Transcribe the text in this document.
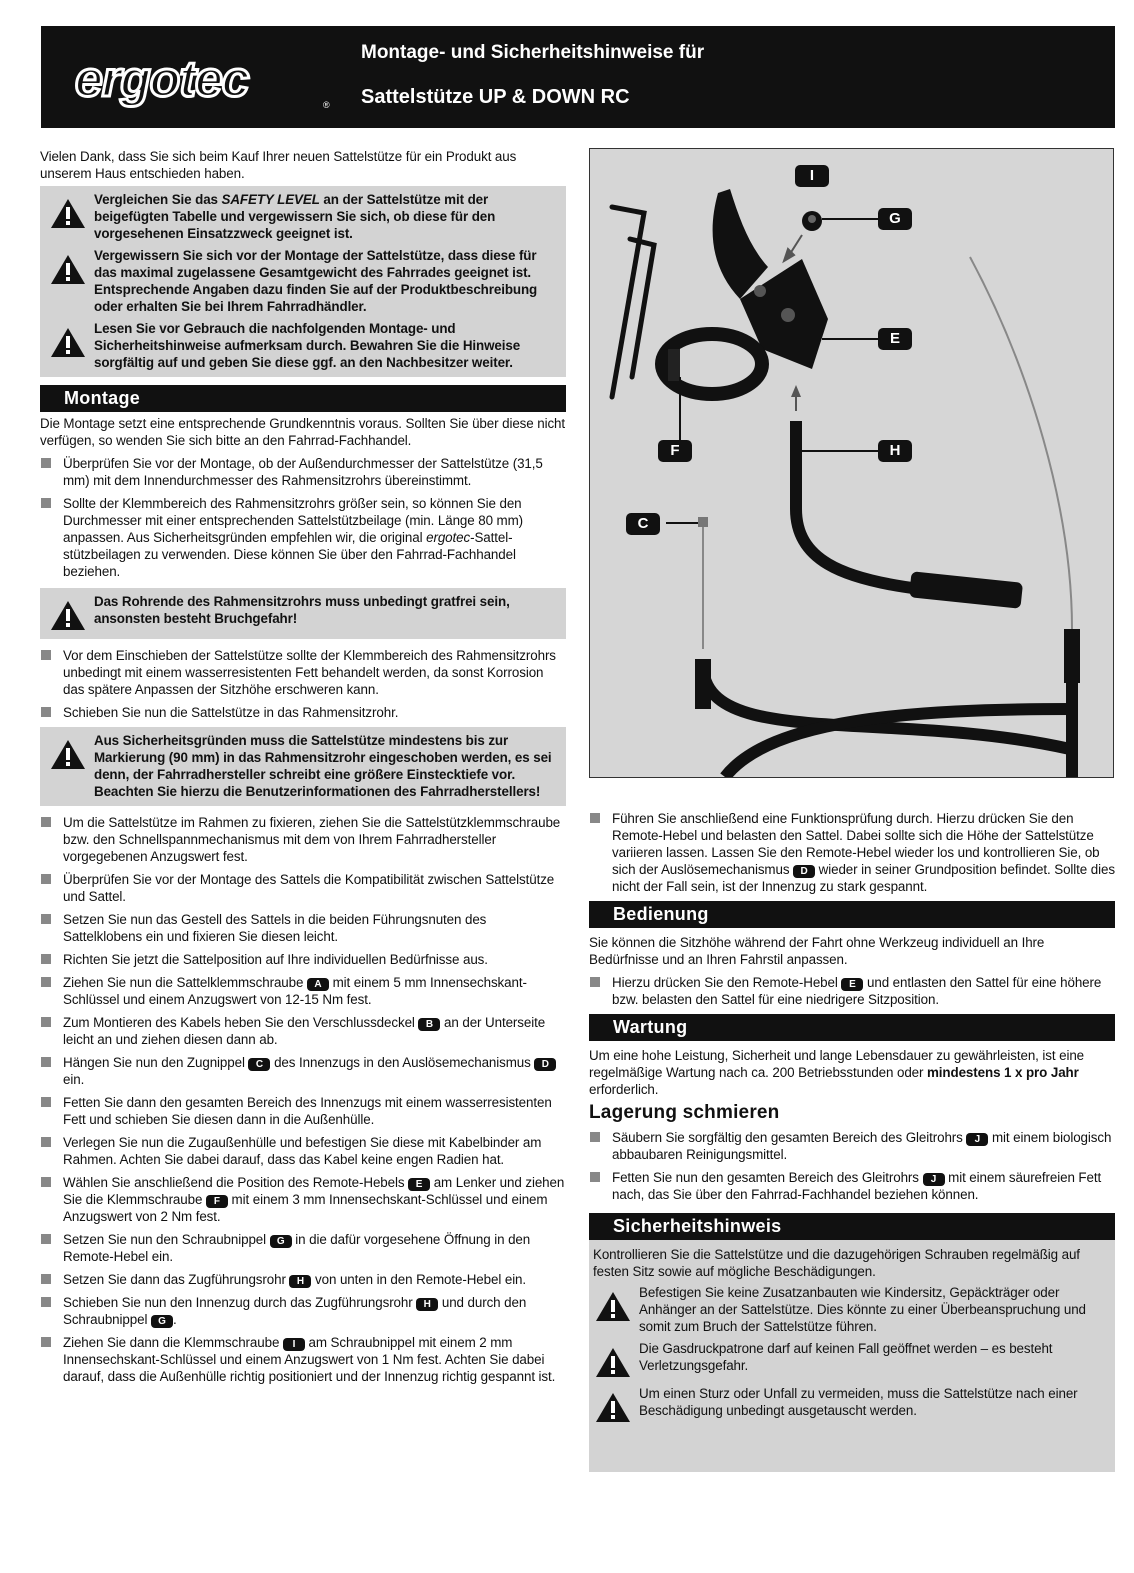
ergotec	®
Montage- und Sicherheitshinweise für
Sattelstütze UP & DOWN RC

Vielen Dank, dass Sie sich beim Kauf Ihrer neuen Sattelstütze für ein Produkt aus unserem Haus entschieden haben.

Vergleichen Sie das SAFETY LEVEL an der Sattelstütze mit der beigefügten Tabelle und vergewissern Sie sich, ob diese für den vorgesehenen Einsatzzweck geeignet ist.
Vergewissern Sie sich vor der Montage der Sattelstütze, dass diese für das maximal zugelassene Gesamtgewicht des Fahrrades geeignet ist. Entsprechende Angaben dazu finden Sie auf der Produktbeschreibung oder erhalten Sie bei Ihrem Fahrradhändler.
Lesen Sie vor Gebrauch die nachfolgenden Montage- und Sicherheitshinweise aufmerksam durch. Bewahren Sie die Hinweise sorgfältig auf und geben Sie diese ggf. an den Nachbesitzer weiter.
Montage

Die Montage setzt eine entsprechende Grundkenntnis voraus. Sollten Sie über diese nicht verfügen, so wenden Sie sich bitte an den Fahrrad-Fachhandel.

Überprüfen Sie vor der Montage, ob der Außendurchmesser der Sattelstütze (31,5 mm) mit dem Innendurchmesser des Rahmensitzrohrs übereinstimmt.
Sollte der Klemmbereich des Rahmensitzrohrs größer sein, so können Sie den Durchmesser mit einer entsprechenden Sattelstützbeilage (min. Länge 80 mm) anpassen. Aus Sicherheitsgründen empfehlen wir, die original ergotec-Sattelstützbeilagen zu verwenden. Diese können Sie über den Fahrrad-Fachhandel beziehen.
Das Rohrende des Rahmensitzrohrs muss unbedingt gratfrei sein, ansonsten besteht Bruchgefahr!
Vor dem Einschieben der Sattelstütze sollte der Klemmbereich des Rahmensitzrohrs unbedingt mit einem wasserresistenten Fett behandelt werden, da sonst Korrosion das spätere Anpassen der Sitzhöhe erschweren kann.
Schieben Sie nun die Sattelstütze in das Rahmensitzrohr.
Aus Sicherheitsgründen muss die Sattelstütze mindestens bis zur Markierung (90 mm) in das Rahmensitzrohr eingeschoben werden, es sei denn, der Fahrradhersteller schreibt eine größere Einstecktiefe vor. Beachten Sie hierzu die Benutzerinformationen des Fahrradherstellers!
Um die Sattelstütze im Rahmen zu fixieren, ziehen Sie die Sattelstützklemmschraube bzw. den Schnellspannmechanismus mit dem von Ihrem Fahrradhersteller vorgegebenen Anzugswert fest.
Überprüfen Sie vor der Montage des Sattels die Kompatibilität zwischen Sattelstütze und Sattel.
Setzen Sie nun das Gestell des Sattels in die beiden Führungsnuten des Sattelklobens ein und fixieren Sie diesen leicht.
Richten Sie jetzt die Sattelposition auf Ihre individuellen Bedürfnisse aus.
Ziehen Sie nun die Sattelklemmschraube A mit einem 5 mm Innensechskant-Schlüssel und einem Anzugswert von 12-15 Nm fest.
Zum Montieren des Kabels heben Sie den Verschlussdeckel B an der Unterseite leicht an und ziehen diesen dann ab.
Hängen Sie nun den Zugnippel C des Innenzugs in den Auslösemechanismus D ein.
Fetten Sie dann den gesamten Bereich des Innenzugs mit einem wasserresistenten Fett und schieben Sie diesen dann in die Außenhülle.
Verlegen Sie nun die Zugaußenhülle und befestigen Sie diese mit Kabelbinder am Rahmen. Achten Sie dabei darauf, dass das Kabel keine engen Radien hat.
Wählen Sie anschließend die Position des Remote-Hebels E am Lenker und ziehen Sie die Klemmschraube F mit einem 3 mm Innensechskant-Schlüssel und einem Anzugswert von 2 Nm fest.
Setzen Sie nun den Schraubnippel G in die dafür vorgesehene Öffnung in den Remote-Hebel ein.
Setzen Sie dann das Zugführungsrohr H von unten in den Remote-Hebel ein.
Schieben Sie nun den Innenzug durch das Zugführungsrohr H und durch den Schraubnippel G .
Ziehen Sie dann die Klemmschraube I am Schraubnippel mit einem 2 mm Innensechskant-Schlüssel und einem Anzugswert von 1 Nm fest. Achten Sie dabei darauf, dass die Außenhülle richtig positioniert und der Innenzug richtig gespannt ist.
I
G
E
F	H
C
Führen Sie anschließend eine Funktionsprüfung durch. Hierzu drücken Sie den Remote-Hebel und belasten den Sattel. Dabei sollte sich die Höhe der Sattelstütze variieren lassen. Lassen Sie den Remote-Hebel wieder los und kontrollieren Sie, ob sich der Auslösemechanismus D wieder in seiner Grundposition befindet. Sollte dies nicht der Fall sein, ist der Innenzug zu stark gespannt.
Bedienung

Sie können die Sitzhöhe während der Fahrt ohne Werkzeug individuell an Ihre Bedürfnisse und an Ihren Fahrstil anpassen.

Hierzu drücken Sie den Remote-Hebel E und entlasten den Sattel für eine höhere bzw. belasten den Sattel für eine niedrigere Sitzposition.
Wartung

Um eine hohe Leistung, Sicherheit und lange Lebensdauer zu gewährleisten, ist eine regelmäßige Wartung nach ca. 200 Betriebsstunden oder mindestens 1 x pro Jahr erforderlich.

Lagerung schmieren
Säubern Sie sorgfältig den gesamten Bereich des Gleitrohrs J mit einem biologisch abbaubaren Reinigungsmittel.
Fetten Sie nun den gesamten Bereich des Gleitrohrs J mit einem säurefreien Fett nach, das Sie über den Fahrrad-Fachhandel beziehen können.
Sicherheitshinweis

Kontrollieren Sie die Sattelstütze und die dazugehörigen Schrauben regelmäßig auf festen Sitz sowie auf mögliche Beschädigungen.

Befestigen Sie keine Zusatzanbauten wie Kindersitz, Gepäckträger oder Anhänger an der Sattelstütze. Dies könnte zu einer Überbeanspruchung und somit zum Bruch der Sattelstütze führen.
Die Gasdruckpatrone darf auf keinen Fall geöffnet werden – es besteht Verletzungsgefahr.
Um einen Sturz oder Unfall zu vermeiden, muss die Sattelstütze nach einer Beschädigung unbedingt ausgetauscht werden.
